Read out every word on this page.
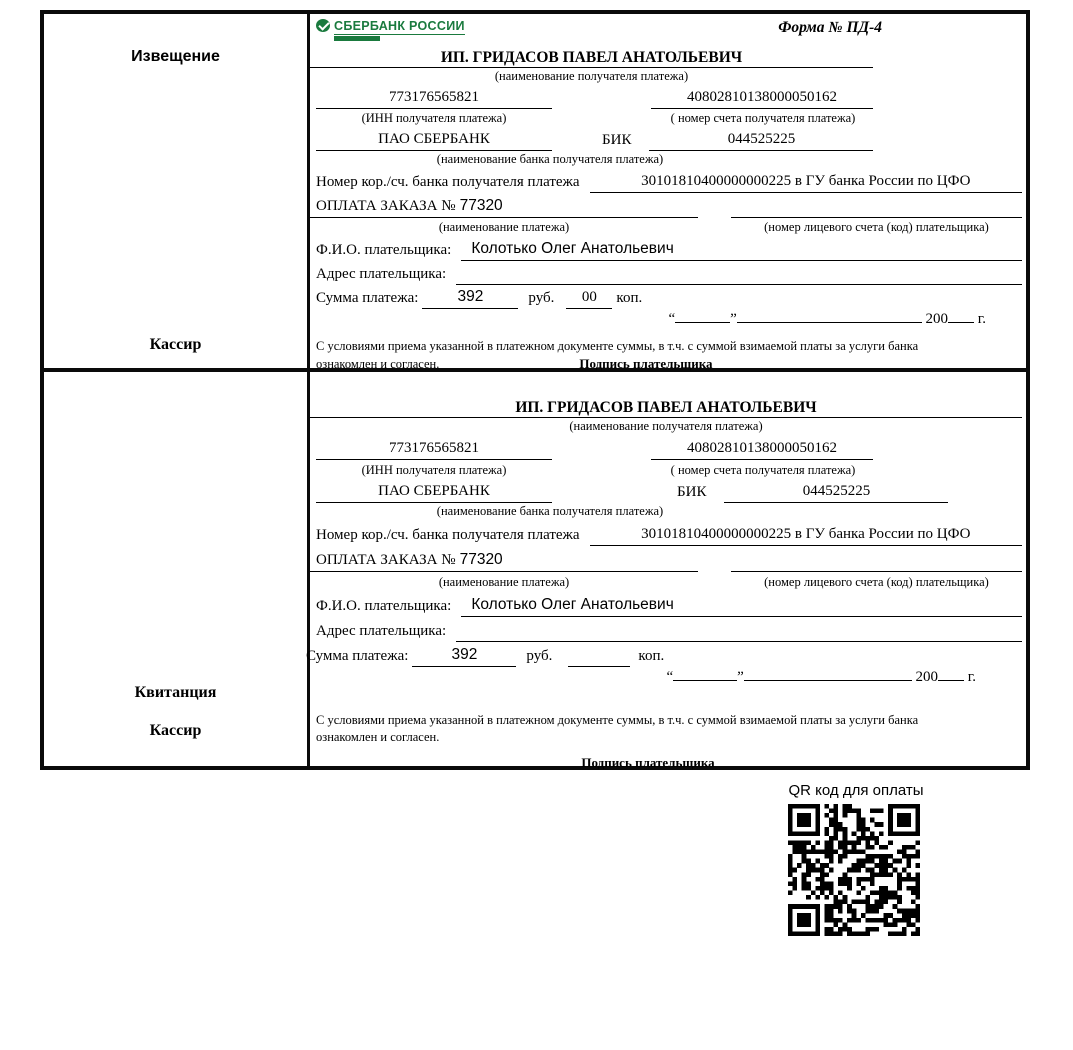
Извещение
Кассир
СБЕРБАНК РОССИИ	Форма № ПД-4
ИП. ГРИДАСОВ ПАВЕЛ АНАТОЛЬЕВИЧ
(наименование получателя платежа)
773176565821	40802810138000050162
(ИНН получателя платежа)	( номер счета получателя платежа)
ПАО СБЕРБАНК	БИК	044525225
(наименование банка получателя платежа)
Номер кор./сч. банка получателя платежа	30101810400000000225 в ГУ банка России по ЦФО
ОПЛАТА ЗАКАЗА № 77320
(наименование платежа)	(номер лицевого счета (код) плательщика)
Ф.И.О. плательщика:	Колотько Олег Анатольевич
Адрес плательщика:
Сумма платежа:	392	руб.	00	коп.
“	”	200 г.
С условиями приема указанной в платежном документе суммы, в т.ч. с суммой взимаемой платы за услуги банка
ознакомлен и согласен.	Подпись плательщика
Квитанция
Кассир
ИП. ГРИДАСОВ ПАВЕЛ АНАТОЛЬЕВИЧ
(наименование получателя платежа)
773176565821	40802810138000050162
(ИНН получателя платежа)	( номер счета получателя платежа)
ПАО СБЕРБАНК	БИК	044525225
(наименование банка получателя платежа)
Номер кор./сч. банка получателя платежа	30101810400000000225 в ГУ банка России по ЦФО
ОПЛАТА ЗАКАЗА № 77320
(наименование платежа)	(номер лицевого счета (код) плательщика)
Ф.И.О. плательщика:	Колотько Олег Анатольевич
Адрес плательщика:
Сумма платежа:	392	руб.	коп.
“	”	200 г.
С условиями приема указанной в платежном документе суммы, в т.ч. с суммой взимаемой платы за услуги банка
ознакомлен и согласен.
Подпись плательщика
QR код для оплаты
